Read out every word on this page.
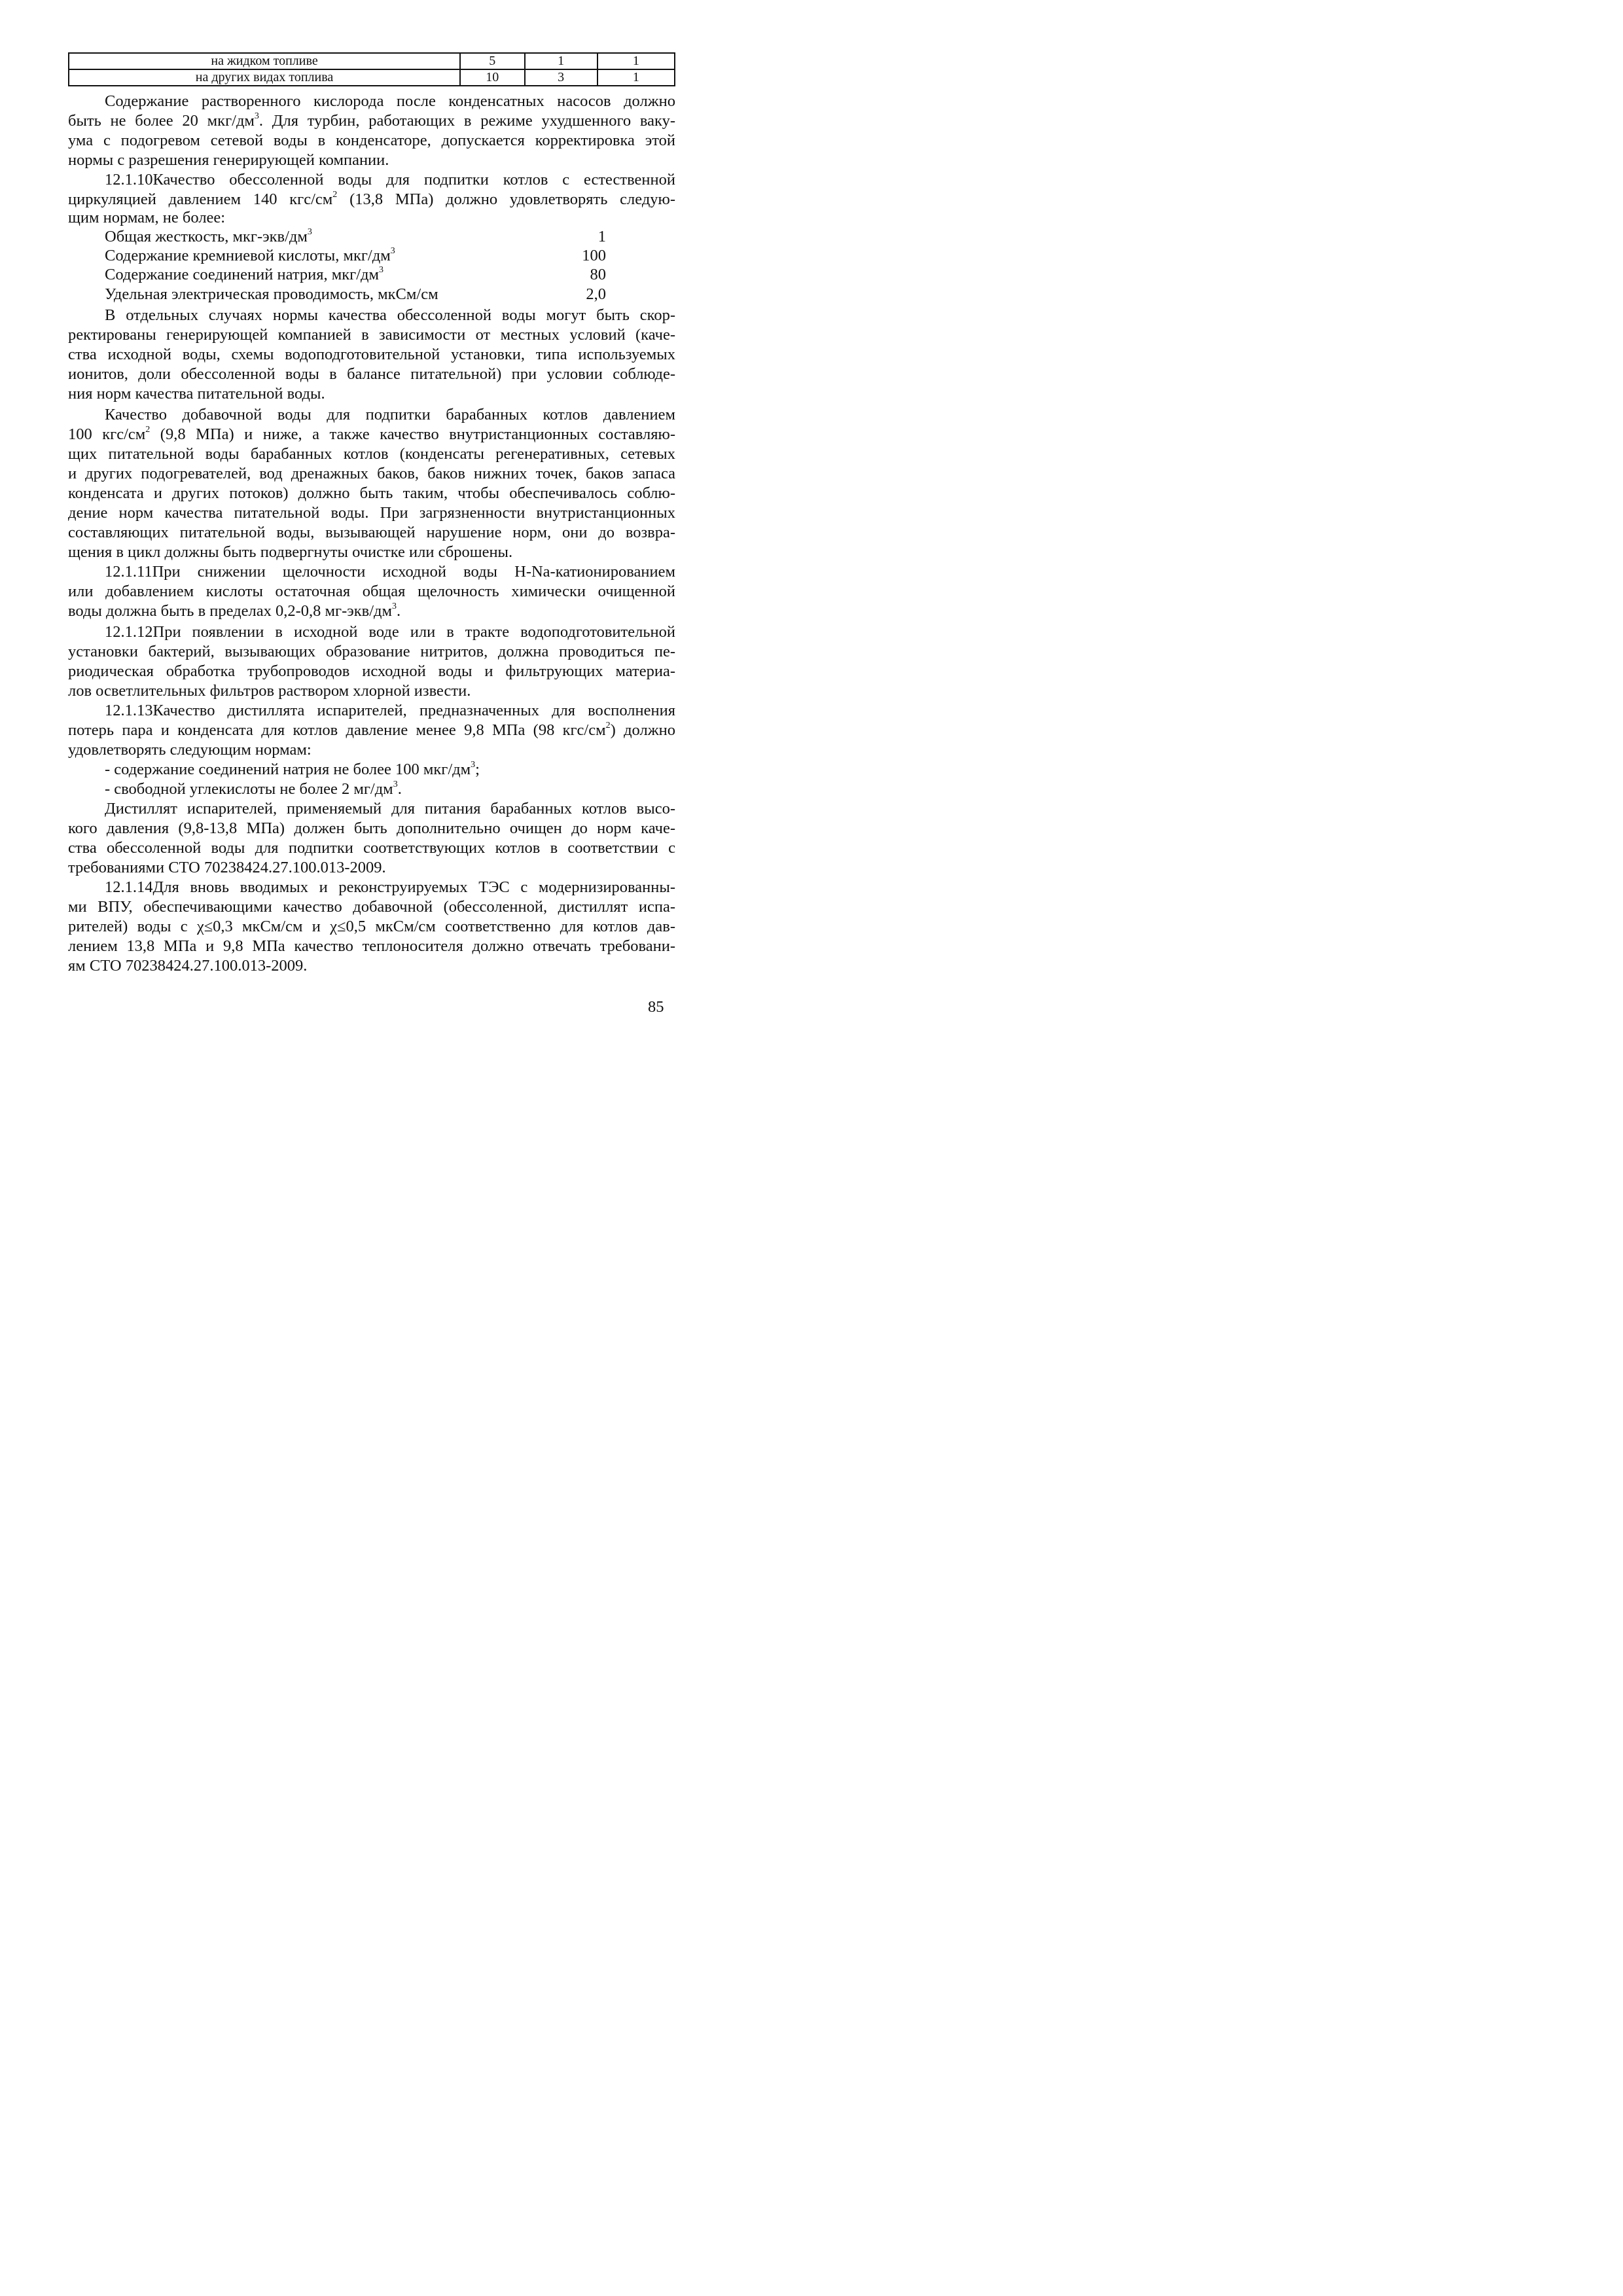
на жидком топливе	5	1	1
на других видах топлива	10	3	1
Содержание растворенного кислорода после конденсатных насосов должно
быть не более 20 мкг/$дм^3$. Для турбин, работающих в режиме ухудшенного ваку-
ума с подогревом сетевой воды в конденсаторе, допускается корректировка этой
нормы с разрешения генерирующей компании.
12.1.10Качество обессоленной воды для подпитки котлов с естественной
циркуляцией давлением 140 кгс/$см^2$ (13,8 МПа) должно удовлетворять следую-
щим нормам, не более:
Общая жесткость, мкг-$экв/дм^3$	1
Содержание кремниевой кислоты, мкг/$дм^3$	100
Содержание соединений натрия, мкг/$дм^3$	80
Удельная электрическая проводимость, мкСм/см	2,0
В отдельных случаях нормы качества обессоленной воды могут быть скор-
ректированы генерирующей компанией в зависимости от местных условий (каче-
ства исходной воды, схемы водоподготовительной установки, типа используемых
ионитов, доли обессоленной воды в балансе питательной) при условии соблюде-
ния норм качества питательной воды.
Качество добавочной воды для подпитки барабанных котлов давлением
100 кгс/$см^2$ (9,8 МПа) и ниже, а также качество внутристанционных составляю-
щих питательной воды барабанных котлов (конденсаты регенеративных, сетевых
и других подогревателей, вод дренажных баков, баков нижних точек, баков запаса
конденсата и других потоков) должно быть таким, чтобы обеспечивалось соблю-
дение норм качества питательной воды. При загрязненности внутристанционных
составляющих питательной воды, вызывающей нарушение норм, они до возвра-
щения в цикл должны быть подвергнуты очистке или сброшены.
12.1.11При снижении щелочности исходной воды Н-Na-катионированием
или добавлением кислоты остаточная общая щелочность химически очищенной
воды должна быть в пределах 0,2-0,8 $мг-экв/дм^3$.
12.1.12При появлении в исходной воде или в тракте водоподготовительной
установки бактерий, вызывающих образование нитритов, должна проводиться пе-
риодическая обработка трубопроводов исходной воды и фильтрующих материа-
лов осветлительных фильтров раствором хлорной извести.
12.1.13Качество дистиллята испарителей, предназначенных для восполнения
потерь пара и конденсата для котлов давление менее 9,8 МПа (98 кгс/$см^2$) должно
удовлетворять следующим нормам:
- содержание соединений натрия не более 100 мкг/$дм^3$;
- свободной углекислоты не более 2 $мг/дм^3$.
Дистиллят испарителей, применяемый для питания барабанных котлов высо-
кого давления (9,8-13,8 МПа) должен быть дополнительно очищен до норм каче-
ства обессоленной воды для подпитки соответствующих котлов в соответствии с
требованиями СТО 70238424.27.100.013-2009.
12.1.14Для вновь вводимых и реконструируемых ТЭС с модернизированны-
ми ВПУ, обеспечивающими качество добавочной (обессоленной, дистиллят испа-
рителей) воды с χ≤0,3 мкСм/см и χ≤0,5 мкСм/см соответственно для котлов дав-
лением 13,8 МПа и 9,8 МПа качество теплоносителя должно отвечать требовани-
ям СТО 70238424.27.100.013-2009.
85
